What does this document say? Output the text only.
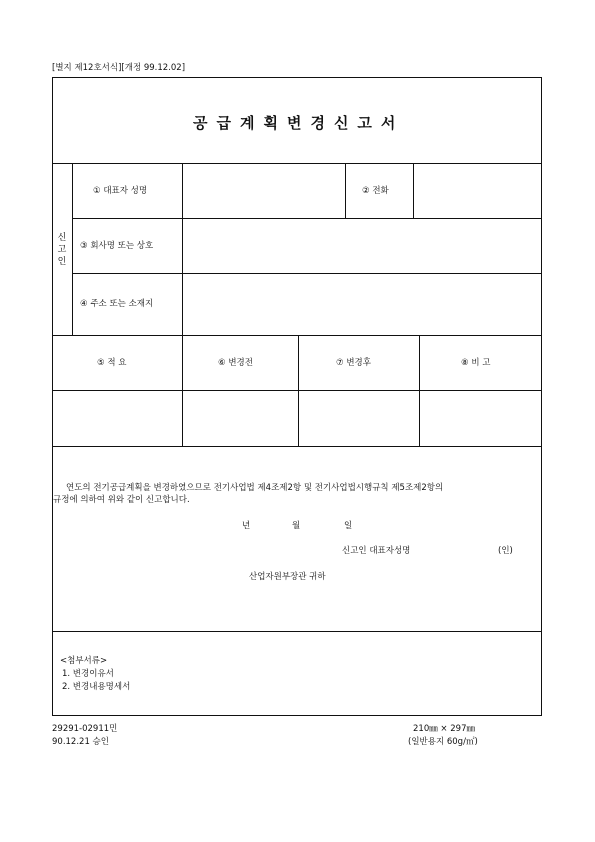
[별지 제12호서식][개정 99.12.02]
공급계획변경신고서
신고인
① 대표자 성명	② 전화
③ 회사명 또는 상호
④ 주소 또는 소재지
⑤ 적 요	⑥ 변경전	⑦ 변경후	⑧ 비 고
연도의 전기공급계획을 변경하였으므로 전기사업법 제4조제2항 및 전기사업법시행규칙 제5조제2항의
규정에 의하여 위와 같이 신고합니다.
년	월	일
신고인 대표자성명	(인)
산업자원부장관 귀하
<첨부서류>
1. 변경이유서
2. 변경내용명세서
29291-02911민
90.12.21 승인
210㎜ × 297㎜
(일반용지 60g/㎡)
